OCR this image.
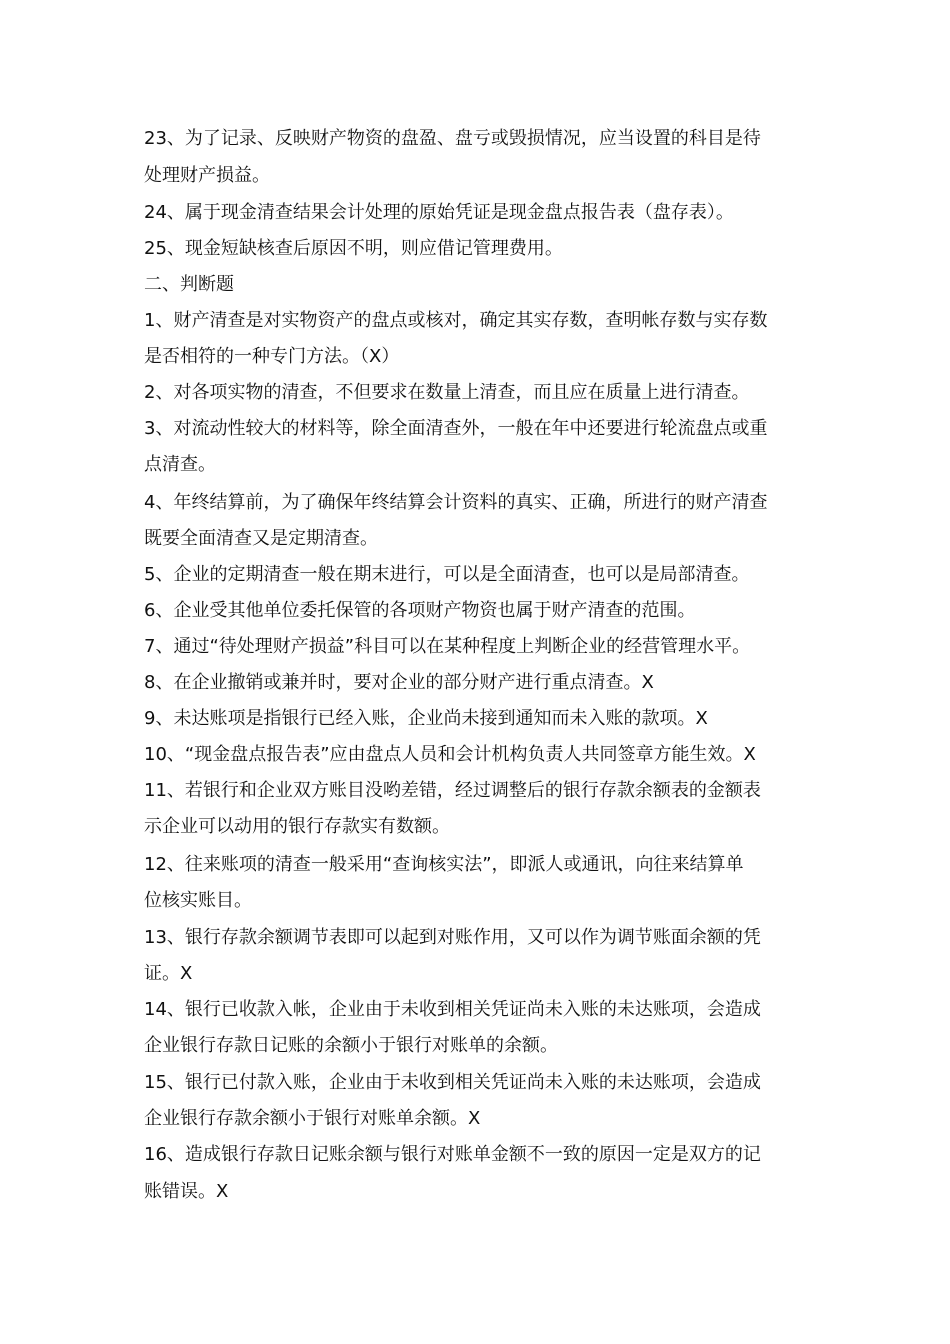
23、为了记录、反映财产物资的盘盈、盘亏或毁损情况，应当设置的科目是待
处理财产损益。
24、属于现金清查结果会计处理的原始凭证是现金盘点报告表（盘存表）。
25、现金短缺核查后原因不明，则应借记管理费用。
二、判断题
1、财产清查是对实物资产的盘点或核对，确定其实存数，查明帐存数与实存数
是否相符的一种专门方法。（X）
2、对各项实物的清查，不但要求在数量上清查，而且应在质量上进行清查。
3、对流动性较大的材料等，除全面清查外，一般在年中还要进行轮流盘点或重
点清查。
4、年终结算前，为了确保年终结算会计资料的真实、正确，所进行的财产清查
既要全面清查又是定期清查。
5、企业的定期清查一般在期末进行，可以是全面清查，也可以是局部清查。
6、企业受其他单位委托保管的各项财产物资也属于财产清查的范围。
7、通过“待处理财产损益”科目可以在某种程度上判断企业的经营管理水平。
8、在企业撤销或兼并时，要对企业的部分财产进行重点清查。X
9、未达账项是指银行已经入账，企业尚未接到通知而未入账的款项。X
10、“现金盘点报告表”应由盘点人员和会计机构负责人共同签章方能生效。X
11、若银行和企业双方账目没哟差错，经过调整后的银行存款余额表的金额表
示企业可以动用的银行存款实有数额。
12、往来账项的清查一般采用“查询核实法”，即派人或通讯，向往来结算单
位核实账目。
13、银行存款余额调节表即可以起到对账作用，又可以作为调节账面余额的凭
证。X
14、银行已收款入帐，企业由于未收到相关凭证尚未入账的未达账项，会造成
企业银行存款日记账的余额小于银行对账单的余额。
15、银行已付款入账，企业由于未收到相关凭证尚未入账的未达账项，会造成
企业银行存款余额小于银行对账单余额。X
16、造成银行存款日记账余额与银行对账单金额不一致的原因一定是双方的记
账错误。X
